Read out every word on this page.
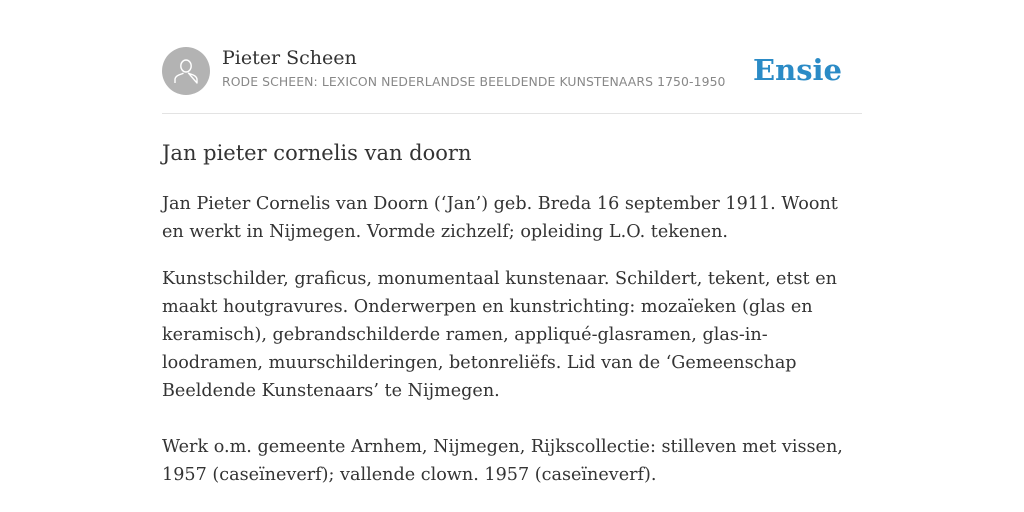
Pieter Scheen
RODE SCHEEN: LEXICON NEDERLANDSE BEELDENDE KUNSTENAARS 1750-1950 Ensie
Jan pieter cornelis van doorn

Jan Pieter Cornelis van Doorn (‘Jan’) geb. Breda 16 september 1911. Woont en werkt in Nijmegen. Vormde zichzelf; opleiding L.O. tekenen.

Kunstschilder, graficus, monumentaal kunstenaar. Schildert, tekent, etst en maakt houtgravures. Onderwerpen en kunstrichting: mozaïeken (glas en keramisch), gebrandschilderde ramen, appliqué-glasramen, glas-in-loodramen, muurschilderingen, betonreliëfs. Lid van de ‘Gemeenschap Beeldende Kunstenaars’ te Nijmegen.

Werk o.m. gemeente Arnhem, Nijmegen, Rijkscollectie: stilleven met vissen, 1957 (caseïneverf); vallende clown. 1957 (caseïneverf).
